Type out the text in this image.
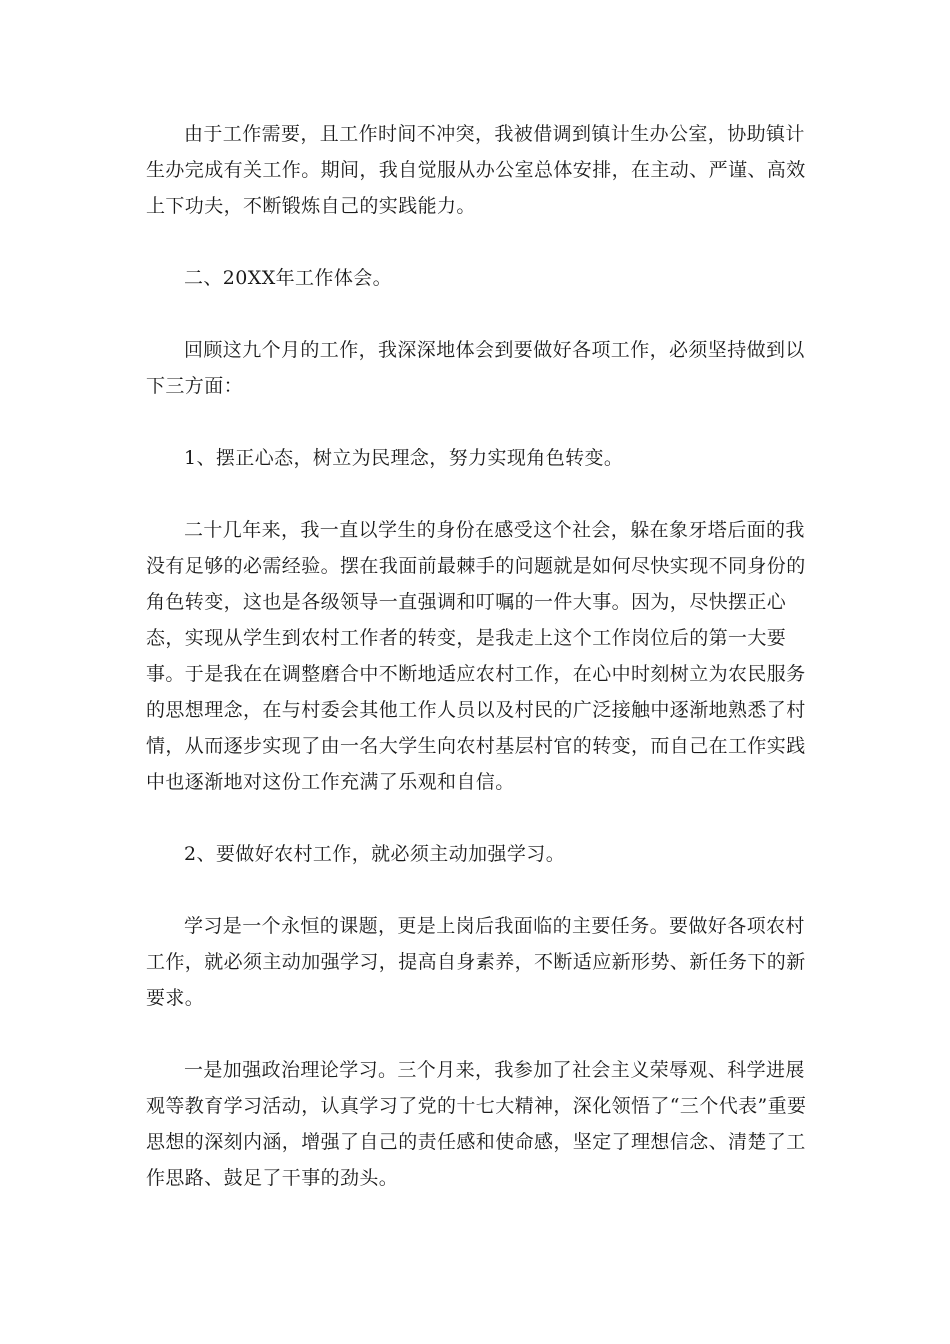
由于工作需要，且工作时间不冲突，我被借调到镇计生办公室，协助镇计生办完成有关工作。期间，我自觉服从办公室总体安排，在主动、严谨、高效上下功夫，不断锻炼自己的实践能力。

二、20XX年工作体会。

回顾这九个月的工作，我深深地体会到要做好各项工作，必须坚持做到以下三方面：

1、摆正心态，树立为民理念，努力实现角色转变。

二十几年来，我一直以学生的身份在感受这个社会，躲在象牙塔后面的我没有足够的必需经验。摆在我面前最棘手的问题就是如何尽快实现不同身份的角色转变，这也是各级领导一直强调和叮嘱的一件大事。因为，尽快摆正心态，实现从学生到农村工作者的转变，是我走上这个工作岗位后的第一大要事。于是我在在调整磨合中不断地适应农村工作，在心中时刻树立为农民服务的思想理念，在与村委会其他工作人员以及村民的广泛接触中逐渐地熟悉了村情，从而逐步实现了由一名大学生向农村基层村官的转变，而自己在工作实践中也逐渐地对这份工作充满了乐观和自信。

2、要做好农村工作，就必须主动加强学习。

学习是一个永恒的课题，更是上岗后我面临的主要任务。要做好各项农村工作，就必须主动加强学习，提高自身素养，不断适应新形势、新任务下的新要求。

一是加强政治理论学习。三个月来，我参加了社会主义荣辱观、科学进展观等教育学习活动，认真学习了党的十七大精神，深化领悟了“三个代表”重要思想的深刻内涵，增强了自己的责任感和使命感，坚定了理想信念、清楚了工作思路、鼓足了干事的劲头。
